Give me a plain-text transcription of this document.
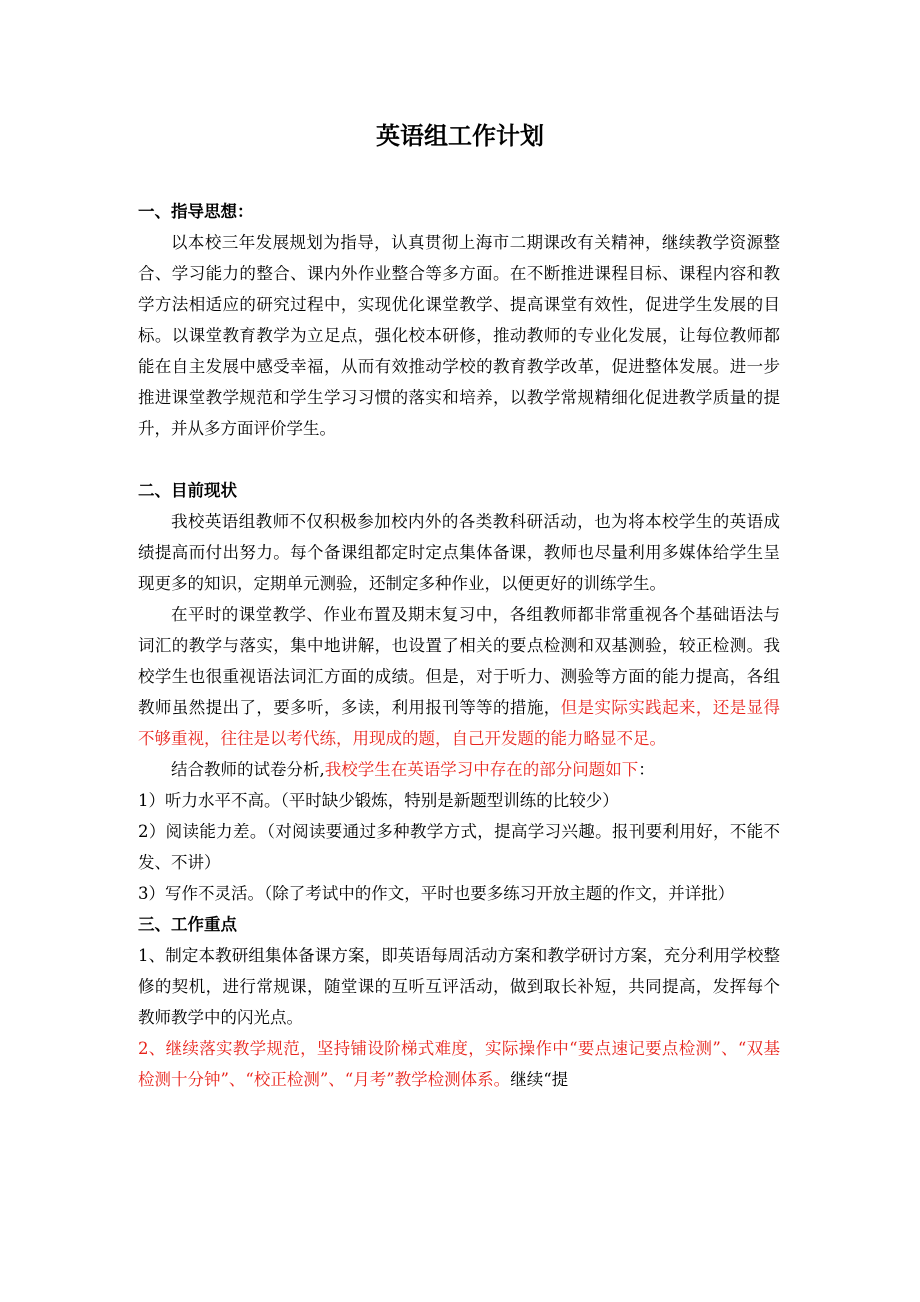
英语组工作计划
一、指导思想：

以本校三年发展规划为指导，认真贯彻上海市二期课改有关精神，继续教学资源整合、学习能力的整合、课内外作业整合等多方面。在不断推进课程目标、课程内容和教学方法相适应的研究过程中，实现优化课堂教学、提高课堂有效性，促进学生发展的目标。以课堂教育教学为立足点，强化校本研修，推动教师的专业化发展，让每位教师都能在自主发展中感受幸福，从而有效推动学校的教育教学改革，促进整体发展。进一步推进课堂教学规范和学生学习习惯的落实和培养，以教学常规精细化促进教学质量的提升，并从多方面评价学生。

二、目前现状

我校英语组教师不仅积极参加校内外的各类教科研活动，也为将本校学生的英语成绩提高而付出努力。每个备课组都定时定点集体备课，教师也尽量利用多媒体给学生呈现更多的知识，定期单元测验，还制定多种作业，以便更好的训练学生。

在平时的课堂教学、作业布置及期末复习中，各组教师都非常重视各个基础语法与词汇的教学与落实，集中地讲解，也设置了相关的要点检测和双基测验，较正检测。我校学生也很重视语法词汇方面的成绩。但是，对于听力、测验等方面的能力提高，各组教师虽然提出了，要多听，多读，利用报刊等等的措施，但是实际实践起来，还是显得不够重视，往往是以考代练，用现成的题，自己开发题的能力略显不足。

结合教师的试卷分析,我校学生在英语学习中存在的部分问题如下：

1）听力水平不高。（平时缺少锻炼，特别是新题型训练的比较少）

2）阅读能力差。（对阅读要通过多种教学方式，提高学习兴趣。报刊要利用好，不能不发、不讲）

3）写作不灵活。（除了考试中的作文，平时也要多练习开放主题的作文，并详批）

三、工作重点

1、制定本教研组集体备课方案，即英语每周活动方案和教学研讨方案，充分利用学校整修的契机，进行常规课，随堂课的互听互评活动，做到取长补短，共同提高，发挥每个教师教学中的闪光点。

2、继续落实教学规范，坚持铺设阶梯式难度，实际操作中“要点速记要点检测”、“双基检测十分钟”、“校正检测”、“月考”教学检测体系。继续“提
